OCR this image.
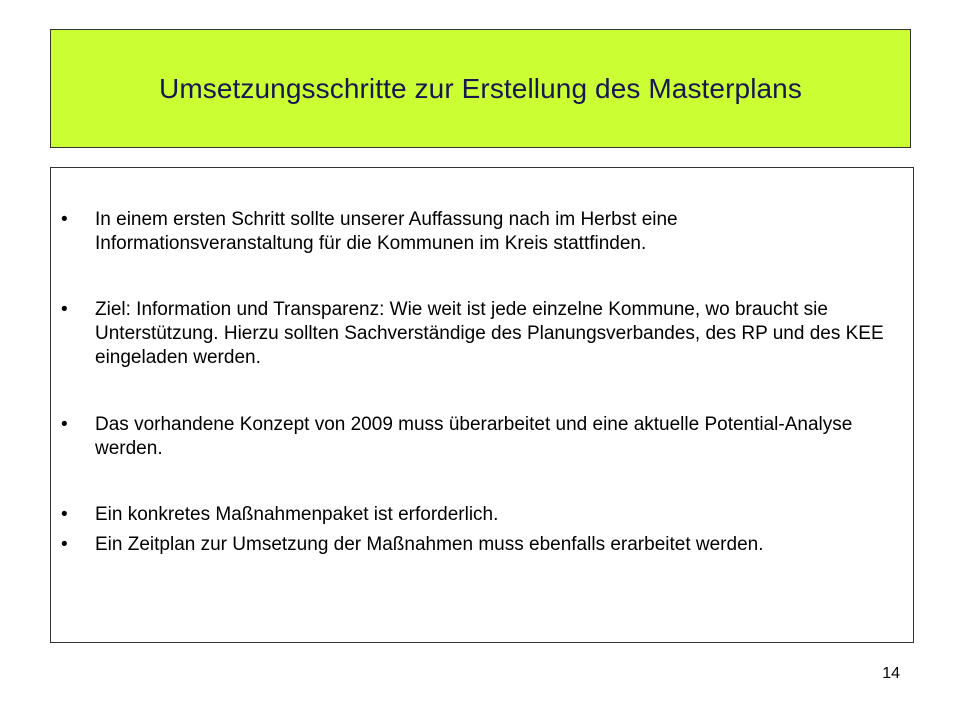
Umsetzungsschritte zur Erstellung des Masterplans
•	In einem ersten Schritt sollte unserer Auffassung nach im Herbst eine Informationsveranstaltung für die Kommunen im Kreis stattfinden.
•	Ziel: Information und Transparenz: Wie weit ist jede einzelne Kommune, wo braucht sie Unterstützung. Hierzu sollten Sachverständige des Planungsverbandes, des RP und des KEE eingeladen werden.
•	Das vorhandene Konzept von 2009 muss überarbeitet und eine aktuelle Potential-Analyse werden.
•	Ein konkretes Maßnahmenpaket ist erforderlich.
•	Ein Zeitplan zur Umsetzung der Maßnahmen muss ebenfalls erarbeitet werden.
14
